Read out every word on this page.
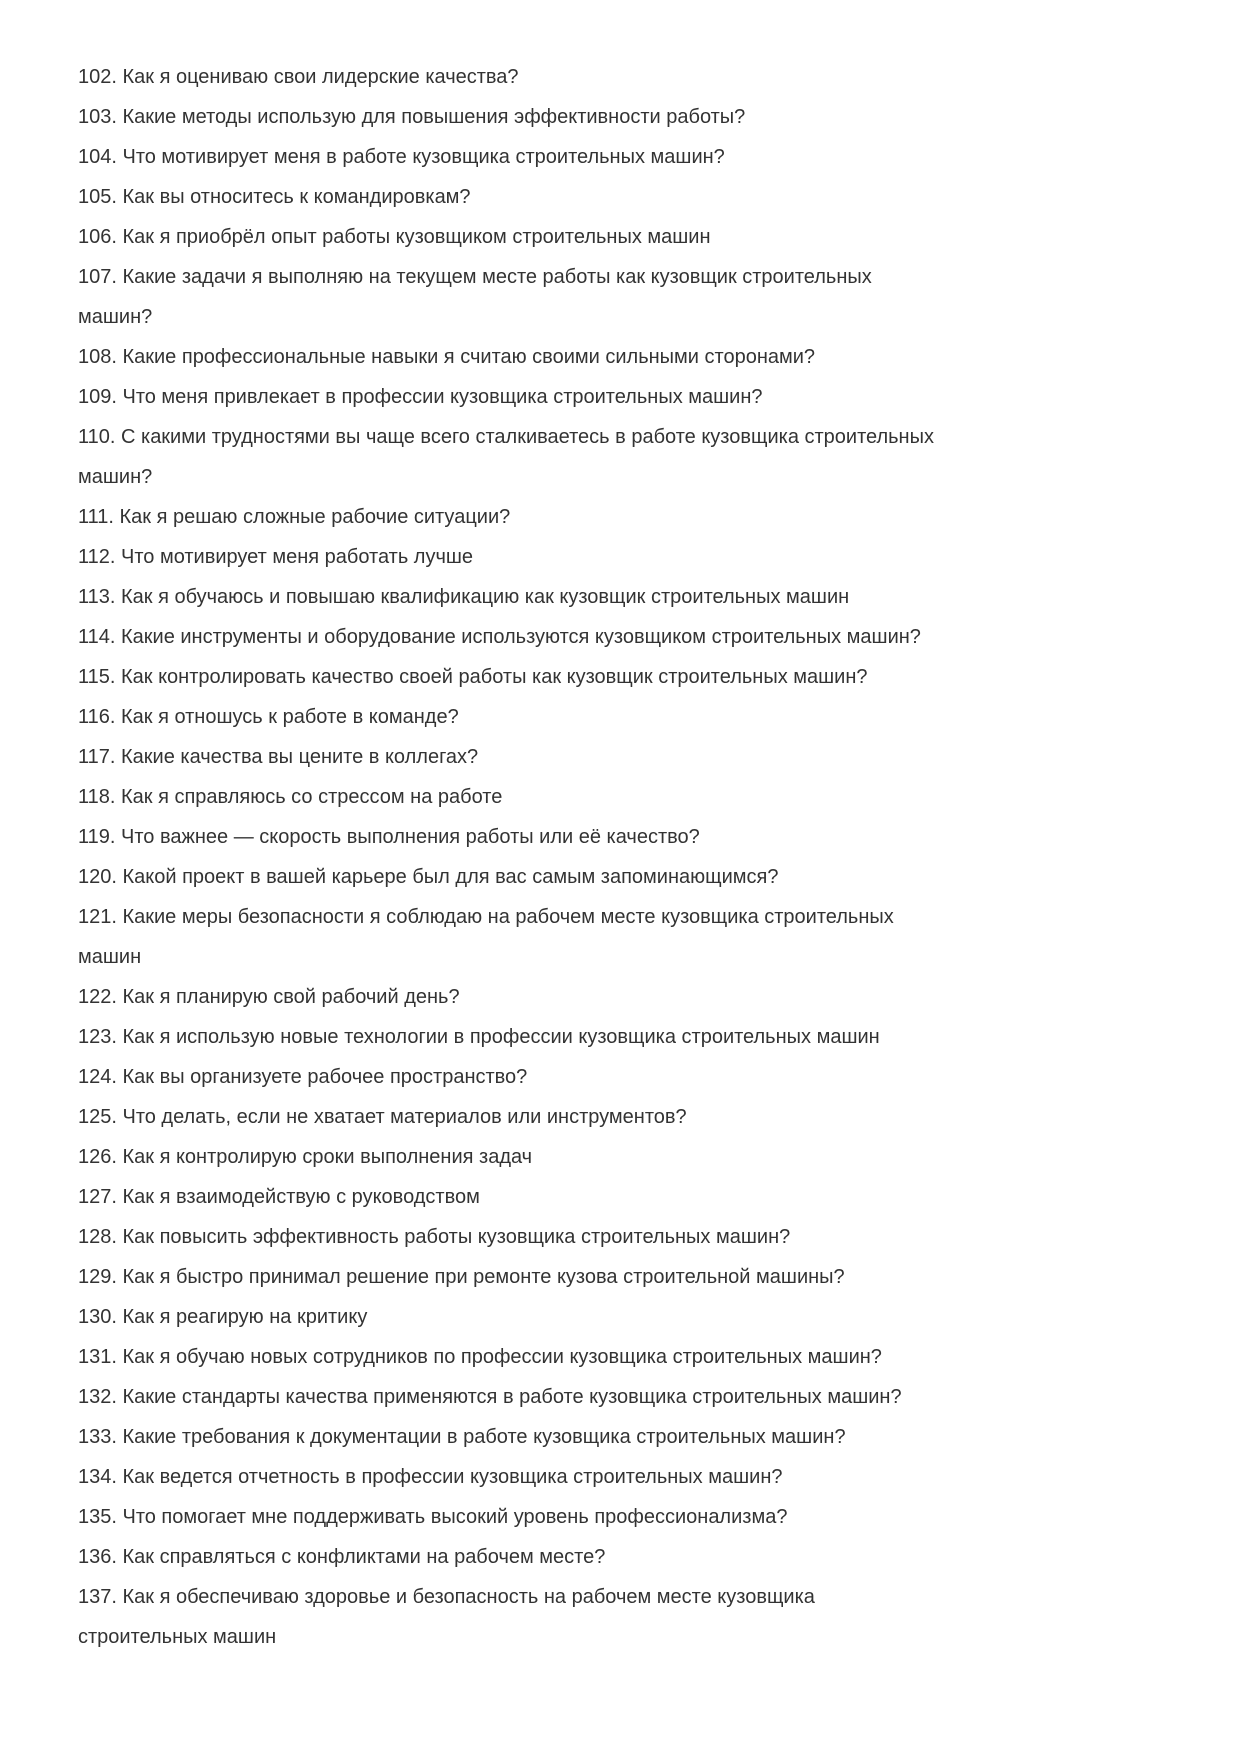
102. Как я оцениваю свои лидерские качества?

103. Какие методы использую для повышения эффективности работы?

104. Что мотивирует меня в работе кузовщика строительных машин?

105. Как вы относитесь к командировкам?

106. Как я приобрёл опыт работы кузовщиком строительных машин

107. Какие задачи я выполняю на текущем месте работы как кузовщик строительных
машин?

108. Какие профессиональные навыки я считаю своими сильными сторонами?

109. Что меня привлекает в профессии кузовщика строительных машин?

110. С какими трудностями вы чаще всего сталкиваетесь в работе кузовщика строительных
машин?

111. Как я решаю сложные рабочие ситуации?

112. Что мотивирует меня работать лучше

113. Как я обучаюсь и повышаю квалификацию как кузовщик строительных машин

114. Какие инструменты и оборудование используются кузовщиком строительных машин?

115. Как контролировать качество своей работы как кузовщик строительных машин?

116. Как я отношусь к работе в команде?

117. Какие качества вы цените в коллегах?

118. Как я справляюсь со стрессом на работе

119. Что важнее — скорость выполнения работы или её качество?

120. Какой проект в вашей карьере был для вас самым запоминающимся?

121. Какие меры безопасности я соблюдаю на рабочем месте кузовщика строительных
машин

122. Как я планирую свой рабочий день?

123. Как я использую новые технологии в профессии кузовщика строительных машин

124. Как вы организуете рабочее пространство?

125. Что делать, если не хватает материалов или инструментов?

126. Как я контролирую сроки выполнения задач

127. Как я взаимодействую с руководством

128. Как повысить эффективность работы кузовщика строительных машин?

129. Как я быстро принимал решение при ремонте кузова строительной машины?

130. Как я реагирую на критику

131. Как я обучаю новых сотрудников по профессии кузовщика строительных машин?

132. Какие стандарты качества применяются в работе кузовщика строительных машин?

133. Какие требования к документации в работе кузовщика строительных машин?

134. Как ведется отчетность в профессии кузовщика строительных машин?

135. Что помогает мне поддерживать высокий уровень профессионализма?

136. Как справляться с конфликтами на рабочем месте?

137. Как я обеспечиваю здоровье и безопасность на рабочем месте кузовщика
строительных машин
